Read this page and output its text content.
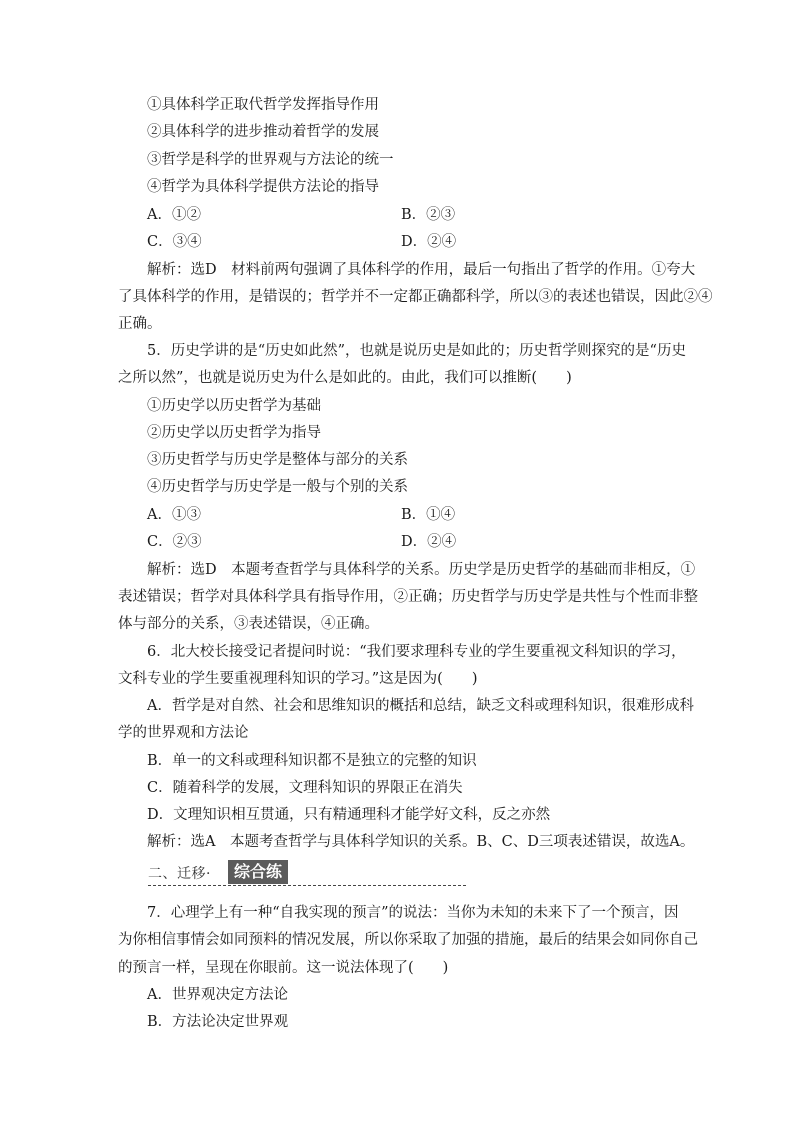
①具体科学正取代哲学发挥指导作用
②具体科学的进步推动着哲学的发展
③哲学是科学的世界观与方法论的统一
④哲学为具体科学提供方法论的指导
A．①②	B．②③
C．③④	D．②④
解析：选D　材料前两句强调了具体科学的作用，最后一句指出了哲学的作用。①夸大
了具体科学的作用，是错误的；哲学并不一定都正确都科学，所以③的表述也错误，因此②④
正确。
5．历史学讲的是“历史如此然”，也就是说历史是如此的；历史哲学则探究的是“历史
之所以然”，也就是说历史为什么是如此的。由此，我们可以推断(　　)
①历史学以历史哲学为基础
②历史学以历史哲学为指导
③历史哲学与历史学是整体与部分的关系
④历史哲学与历史学是一般与个别的关系
A．①③	B．①④
C．②③	D．②④
解析：选D　本题考查哲学与具体科学的关系。历史学是历史哲学的基础而非相反，①
表述错误；哲学对具体科学具有指导作用，②正确；历史哲学与历史学是共性与个性而非整
体与部分的关系，③表述错误，④正确。
6．北大校长接受记者提问时说：“我们要求理科专业的学生要重视文科知识的学习，
文科专业的学生要重视理科知识的学习。”这是因为(　　)
A．哲学是对自然、社会和思维知识的概括和总结，缺乏文科或理科知识，很难形成科
学的世界观和方法论
B．单一的文科或理科知识都不是独立的完整的知识
C．随着科学的发展，文理科知识的界限正在消失
D．文理知识相互贯通，只有精通理科才能学好文科，反之亦然
解析：选A　本题考查哲学与具体科学知识的关系。B、C、D三项表述错误，故选A。
二、迁移·	综合练
7．心理学上有一种“自我实现的预言”的说法：当你为未知的未来下了一个预言，因
为你相信事情会如同预料的情况发展，所以你采取了加强的措施，最后的结果会如同你自己
的预言一样，呈现在你眼前。这一说法体现了(　　)
A．世界观决定方法论
B．方法论决定世界观
